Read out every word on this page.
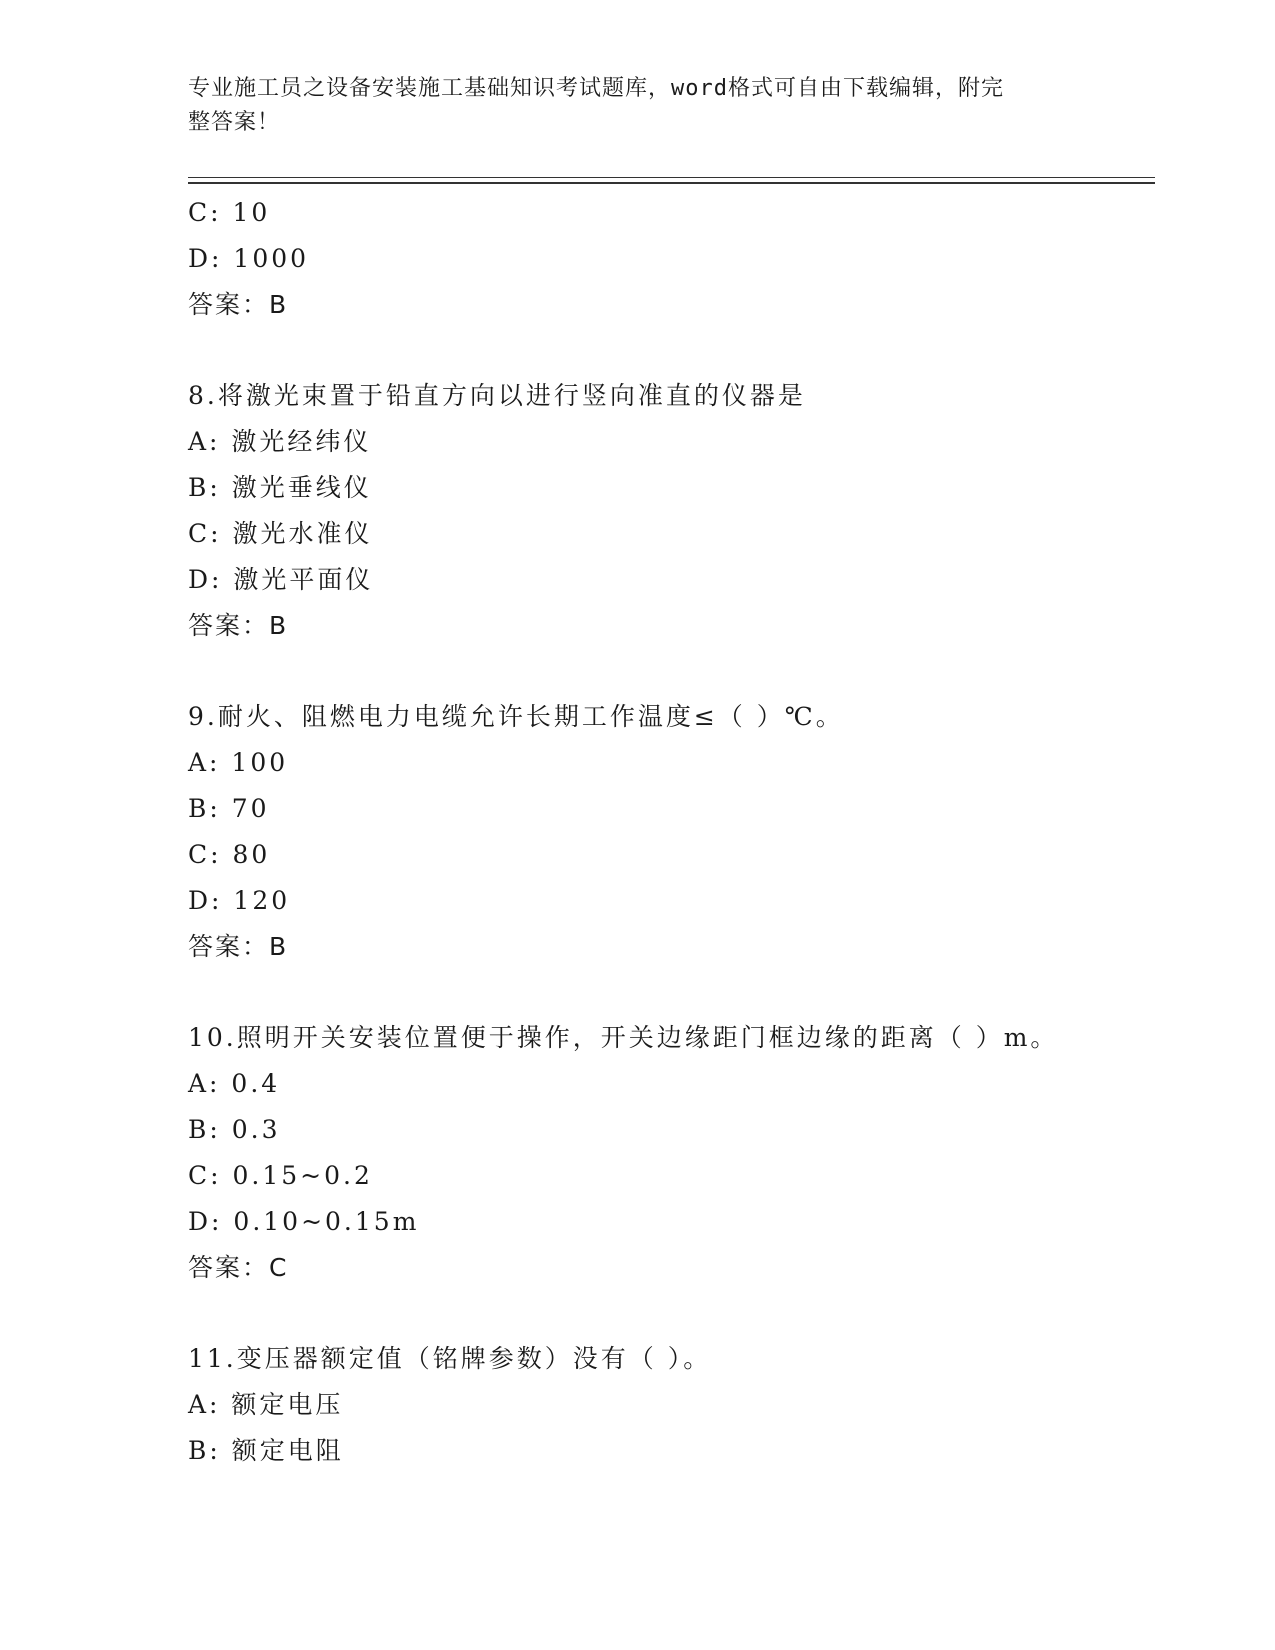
专业施工员之设备安装施工基础知识考试题库，word格式可自由下载编辑，附完
整答案！
C: 10
D: 1000
答案：B
8.将激光束置于铅直方向以进行竖向准直的仪器是
A: 激光经纬仪
B: 激光垂线仪
C: 激光水准仪
D: 激光平面仪
答案：B
9.耐火、阻燃电力电缆允许长期工作温度≤（ ）℃。
A: 100
B: 70
C: 80
D: 120
答案：B
10.照明开关安装位置便于操作，开关边缘距门框边缘的距离（ ）m。
A: 0.4
B: 0.3
C: 0.15~0.2
D: 0.10~0.15m
答案：C
11.变压器额定值（铭牌参数）没有（ ）。
A: 额定电压
B: 额定电阻
